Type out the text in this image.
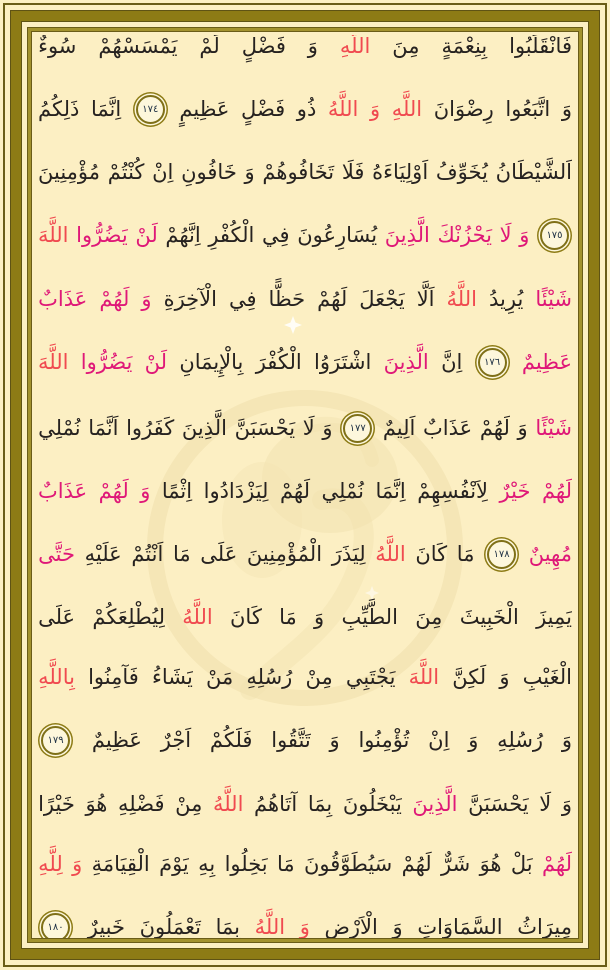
فَانْقَلَبُوا
بِنِعْمَةٍ
مِنَ
اللَّهِ
وَ
فَضْلٍ
لَمْ
يَمْسَسْهُمْ
سُوءٌ
وَ
اتَّبَعُوا
رِضْوَانَ
اللَّهِ
وَ
اللَّهُ
ذُو
فَضْلٍ
عَظِيمٍ
١٧٤
اِنَّمَا
ذَلِكُمُ
اَلشَّيْطَانُ
يُخَوِّفُ
اَوْلِيَاءَهُ
فَلَا
تَخَافُوهُمْ
وَ
خَافُونِ
اِنْ
كُنْتُمْ
مُؤْمِنِينَ
١٧٥
وَ
لَا
يَحْزُنْكَ
الَّذِينَ
يُسَارِعُونَ
فِي
الْكُفْرِ
اِنَّهُمْ
لَنْ
يَضُرُّوا
اللَّهَ
شَيْئًا
يُرِيدُ
اللَّهُ
اَلَّا
يَجْعَلَ
لَهُمْ
حَظًّا
فِي
الْآخِرَةِ
وَ
لَهُمْ
عَذَابٌ
عَظِيمٌ
١٧٦
اِنَّ
الَّذِينَ
اشْتَرَوُا
الْكُفْرَ
بِالْإِيمَانِ
لَنْ
يَضُرُّوا
اللَّهَ
شَيْئًا
وَ
لَهُمْ
عَذَابٌ
اَلِيمٌ
١٧٧
وَ
لَا
يَحْسَبَنَّ
الَّذِينَ
كَفَرُوا
اَنَّمَا
نُمْلِي
لَهُمْ
خَيْرٌ
لِاَنْفُسِهِمْ
اِنَّمَا
نُمْلِي
لَهُمْ
لِيَزْدَادُوا
اِثْمًا
وَ
لَهُمْ
عَذَابٌ
مُهِينٌ
١٧٨
مَا
كَانَ
اللَّهُ
لِيَذَرَ
الْمُؤْمِنِينَ
عَلَى
مَا
اَنْتُمْ
عَلَيْهِ
حَتَّى
يَمِيزَ
الْخَبِيثَ
مِنَ
الطَّيِّبِ
وَ
مَا
كَانَ
اللَّهُ
لِيُطْلِعَكُمْ
عَلَى
الْغَيْبِ
وَ
لَكِنَّ
اللَّهَ
يَجْتَبِي
مِنْ
رُسُلِهِ
مَنْ
يَشَاءُ
فَآمِنُوا
بِاللَّهِ
وَ
رُسُلِهِ
وَ
اِنْ
تُؤْمِنُوا
وَ
تَتَّقُوا
فَلَكُمْ
اَجْرٌ
عَظِيمٌ
١٧٩
وَ
لَا
يَحْسَبَنَّ
الَّذِينَ
يَبْخَلُونَ
بِمَا
آتَاهُمُ
اللَّهُ
مِنْ
فَضْلِهِ
هُوَ
خَيْرًا
لَهُمْ
بَلْ
هُوَ
شَرٌّ
لَهُمْ
سَيُطَوَّقُونَ
مَا
بَخِلُوا
بِهِ
يَوْمَ
الْقِيَامَةِ
وَ
لِلَّهِ
مِيرَاثُ
السَّمَاوَاتِ
وَ
الْاَرْضِ
وَ
اللَّهُ
بِمَا
تَعْمَلُونَ
خَبِيرٌ
١٨٠
